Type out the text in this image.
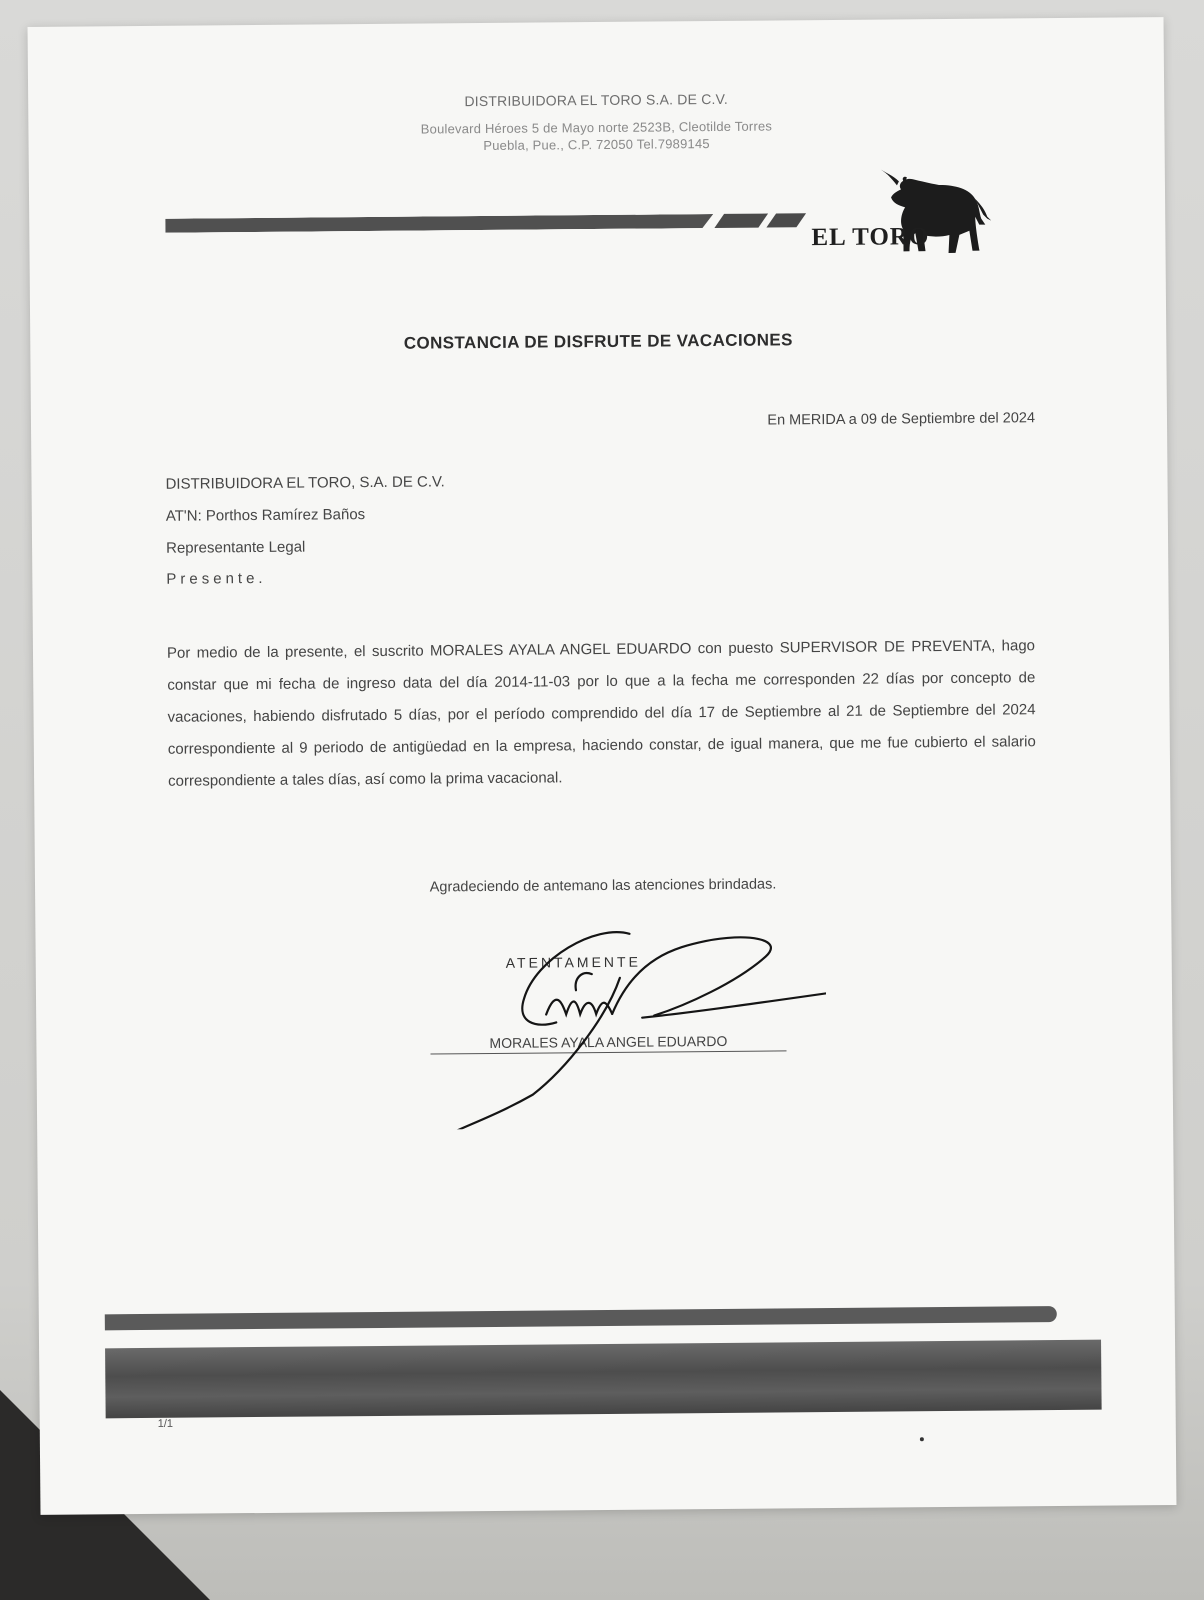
DISTRIBUIDORA EL TORO S.A. DE C.V.
Boulevard Héroes 5 de Mayo norte 2523B, Cleotilde Torres
Puebla, Pue., C.P. 72050 Tel.7989145
EL TORO
CONSTANCIA DE DISFRUTE DE VACACIONES
En MERIDA a 09 de Septiembre del 2024
DISTRIBUIDORA EL TORO, S.A. DE C.V.
AT'N: Porthos Ramírez Baños
Representante Legal
Presente.
Por medio de la presente, el suscrito MORALES AYALA ANGEL EDUARDO con puesto SUPERVISOR DE PREVENTA, hago constar que mi fecha de ingreso data del día 2014-11-03 por lo que a la fecha me corresponden 22 días por concepto de vacaciones, habiendo disfrutado 5 días, por el período comprendido del día 17 de Septiembre al 21 de Septiembre del 2024 correspondiente al 9 periodo de antigüedad en la empresa, haciendo constar, de igual manera, que me fue cubierto el salario correspondiente a tales días, así como la prima vacacional.
Agradeciendo de antemano las atenciones brindadas.
ATENTAMENTE
MORALES AYALA ANGEL EDUARDO
1/1
